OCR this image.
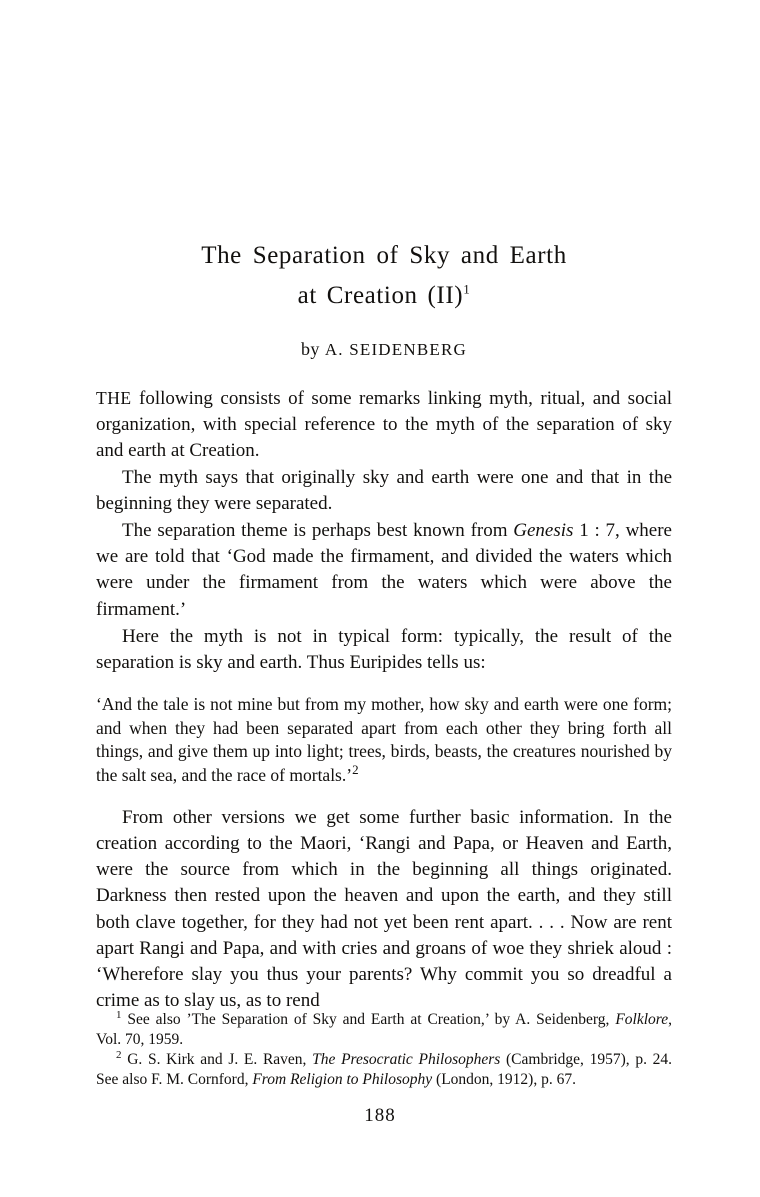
The Separation of Sky and Earth
at Creation (II)$^1$
by A. SEIDENBERG

THE following consists of some remarks linking myth, ritual, and social organization, with special reference to the myth of the separation of sky and earth at Creation.

The myth says that originally sky and earth were one and that in the beginning they were separated.

The separation theme is perhaps best known from Genesis 1 : 7, where we are told that ‘God made the firmament, and divided the waters which were under the firmament from the waters which were above the firmament.’

Here the myth is not in typical form: typically, the result of the separation is sky and earth. Thus Euripides tells us:

‘And the tale is not mine but from my mother, how sky and earth were one form; and when they had been separated apart from each other they bring forth all things, and give them up into light; trees, birds, beasts, the creatures nourished by the salt sea, and the race of mortals.’$^2$

From other versions we get some further basic information. In the creation according to the Maori, ‘Rangi and Papa, or Heaven and Earth, were the source from which in the beginning all things originated. Darkness then rested upon the heaven and upon the earth, and they still both clave together, for they had not yet been rent apart. . . . Now are rent apart Rangi and Papa, and with cries and groans of woe they shriek aloud : ‘Wherefore slay you thus your parents? Why commit you so dreadful a crime as to slay us, as to rend

$^1$ See also ’The Separation of Sky and Earth at Creation,’ by A. Seidenberg, Folklore, Vol. 70, 1959.

$^2$ G. S. Kirk and J. E. Raven, The Presocratic Philosophers (Cambridge, 1957), p. 24. See also F. M. Cornford, From Religion to Philosophy (London, 1912), p. 67.

188
